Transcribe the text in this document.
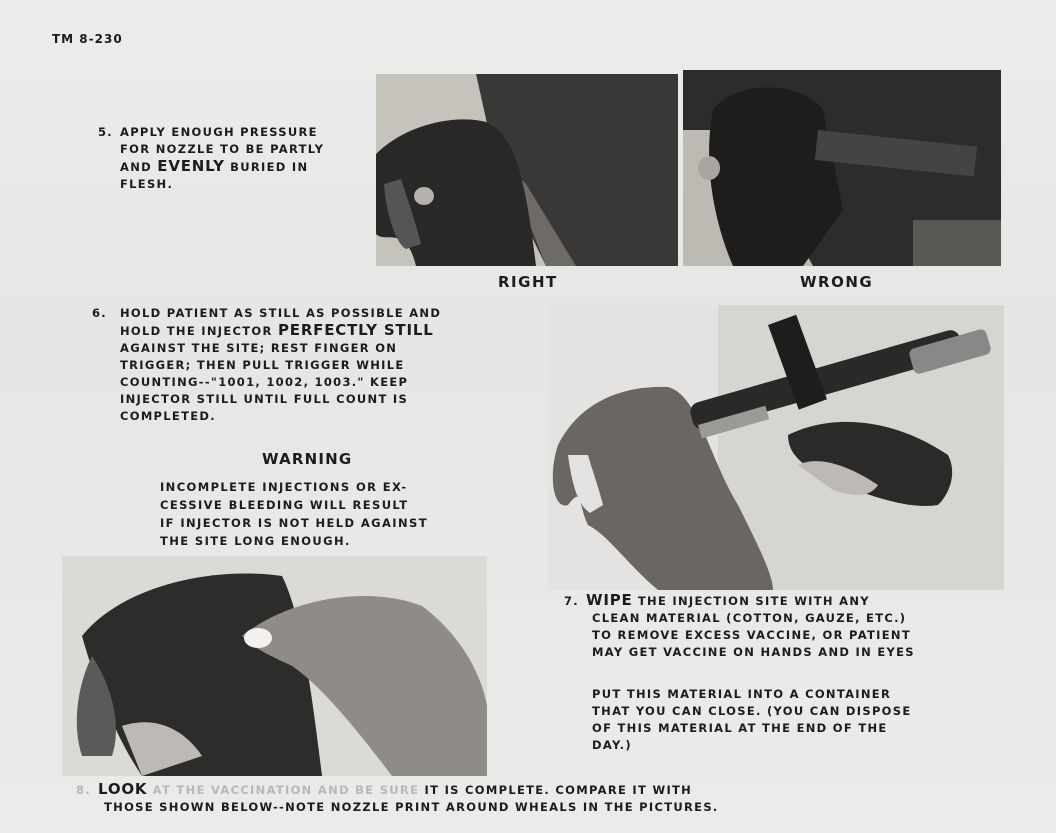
TM 8-230
5. APPLY ENOUGH PRESSURE
FOR NOZZLE TO BE PARTLY
AND EVENLY BURIED IN
FLESH.
RIGHT	WRONG
6. HOLD PATIENT AS STILL AS POSSIBLE AND
HOLD THE INJECTOR PERFECTLY STILL
AGAINST THE SITE; REST FINGER ON
TRIGGER; THEN PULL TRIGGER WHILE
COUNTING--"1001, 1002, 1003." KEEP
INJECTOR STILL UNTIL FULL COUNT IS
COMPLETED.
WARNING
INCOMPLETE INJECTIONS OR EX-
CESSIVE BLEEDING WILL RESULT
IF INJECTOR IS NOT HELD AGAINST
THE SITE LONG ENOUGH.
7. WIPE THE INJECTION SITE WITH ANY
CLEAN MATERIAL (COTTON, GAUZE, ETC.)
TO REMOVE EXCESS VACCINE, OR PATIENT
MAY GET VACCINE ON HANDS AND IN EYES
PUT THIS MATERIAL INTO A CONTAINER
THAT YOU CAN CLOSE. (YOU CAN DISPOSE
OF THIS MATERIAL AT THE END OF THE
DAY.)
8. LOOK AT THE VACCINATION AND BE SURE IT IS COMPLETE. COMPARE IT WITH
THOSE SHOWN BELOW--NOTE NOZZLE PRINT AROUND WHEALS IN THE PICTURES.
